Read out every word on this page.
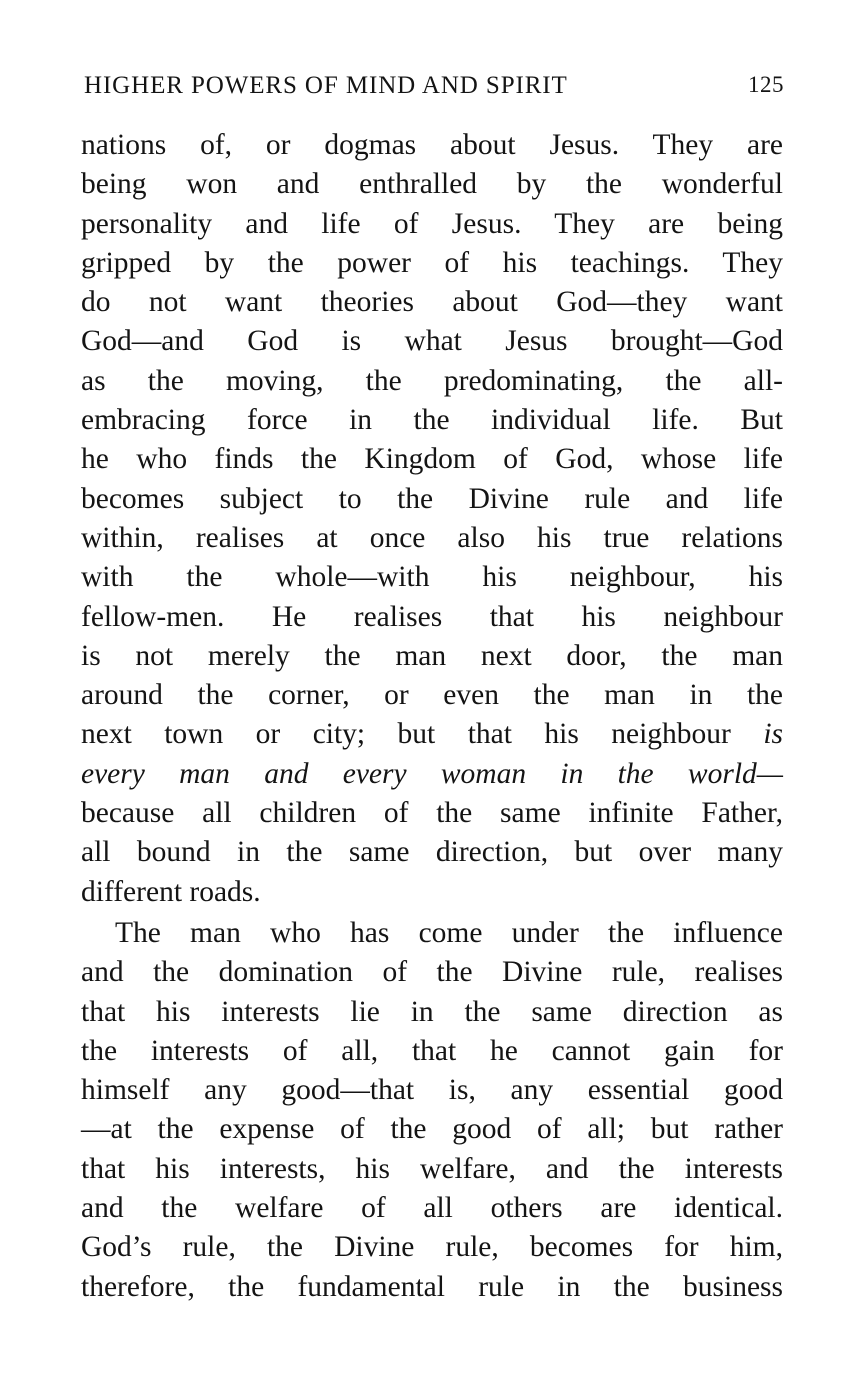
HIGHER POWERS OF MIND AND SPIRIT	125
nations of, or dogmas about Jesus. They are
being won and enthralled by the wonderful
personality and life of Jesus. They are being
gripped by the power of his teachings. They
do not want theories about God—they want
God—and God is what Jesus brought—God
as the moving, the predominating, the all-
embracing force in the individual life. But
he who finds the Kingdom of God, whose life
becomes subject to the Divine rule and life
within, realises at once also his true relations
with the whole—with his neighbour, his
fellow-men. He realises that his neighbour
is not merely the man next door, the man
around the corner, or even the man in the
next town or city; but that his neighbour is
every man and every woman in the world—
because all children of the same infinite Father,
all bound in the same direction, but over many
different roads.
The man who has come under the influence
and the domination of the Divine rule, realises
that his interests lie in the same direction as
the interests of all, that he cannot gain for
himself any good—that is, any essential good
—at the expense of the good of all; but rather
that his interests, his welfare, and the interests
and the welfare of all others are identical.
God’s rule, the Divine rule, becomes for him,
therefore, the fundamental rule in the business
